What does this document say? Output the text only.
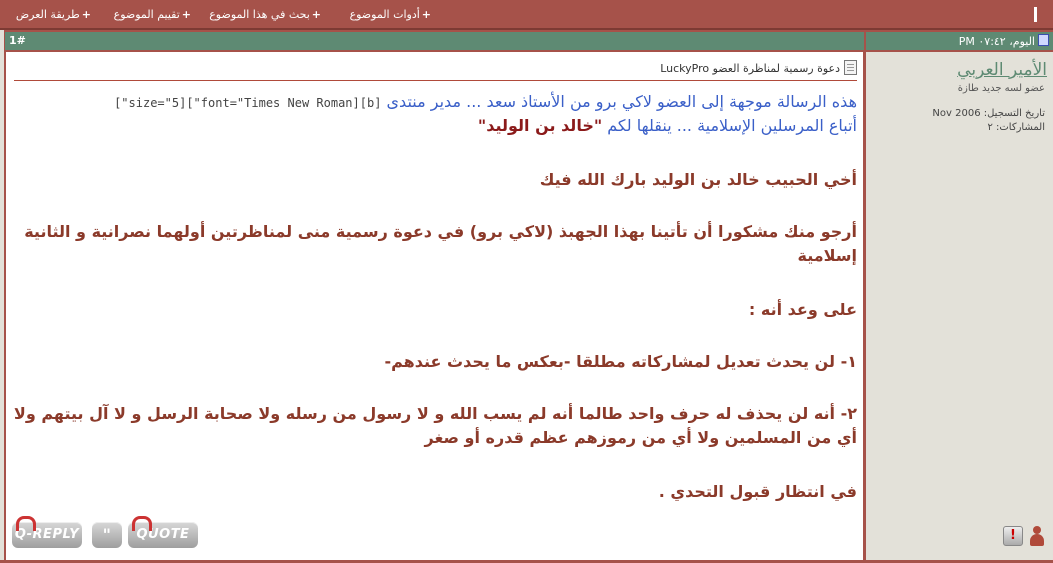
+أدوات الموضوع
+بحث في هذا الموضوع
+تقييم الموضوع
+طريقة العرض
1#	اليوم، ٠٧:٤٢ PM
دعوة رسمية لمناظرة العضو LuckyPro
هذه الرسالة موجهة إلى العضو لاكي برو من الأستاذ سعد ... مدير منتدى [b][font="Times New Roman"][size="5"]
أتباع المرسلين الإسلامية ... ينقلها لكم "خالد بن الوليد"
أخي الحبيب خالد بن الوليد بارك الله فيك
أرجو منك مشكورا أن تأتينا بهذا الجهبذ (لاكي برو) في دعوة رسمية منى لمناظرتين أولهما نصرانية و الثانية
إسلامية
على وعد أنه :
١- لن يحدث تعديل لمشاركاته مطلقا -بعكس ما يحدث عندهم-
٢- أنه لن يحذف له حرف واحد طالما أنه لم يسب الله و لا رسول من رسله ولا صحابة الرسل و لا آل بيتهم ولا
أي من المسلمين ولا أي من رموزهم عظم قدره أو صغر
في انتظار قبول التحدي .
Q-REPLY	"	QUOTE
الأمير العربي
عضو لسه جديد طازة
تاريخ التسجيل: Nov 2006
المشاركات: ٢
!
